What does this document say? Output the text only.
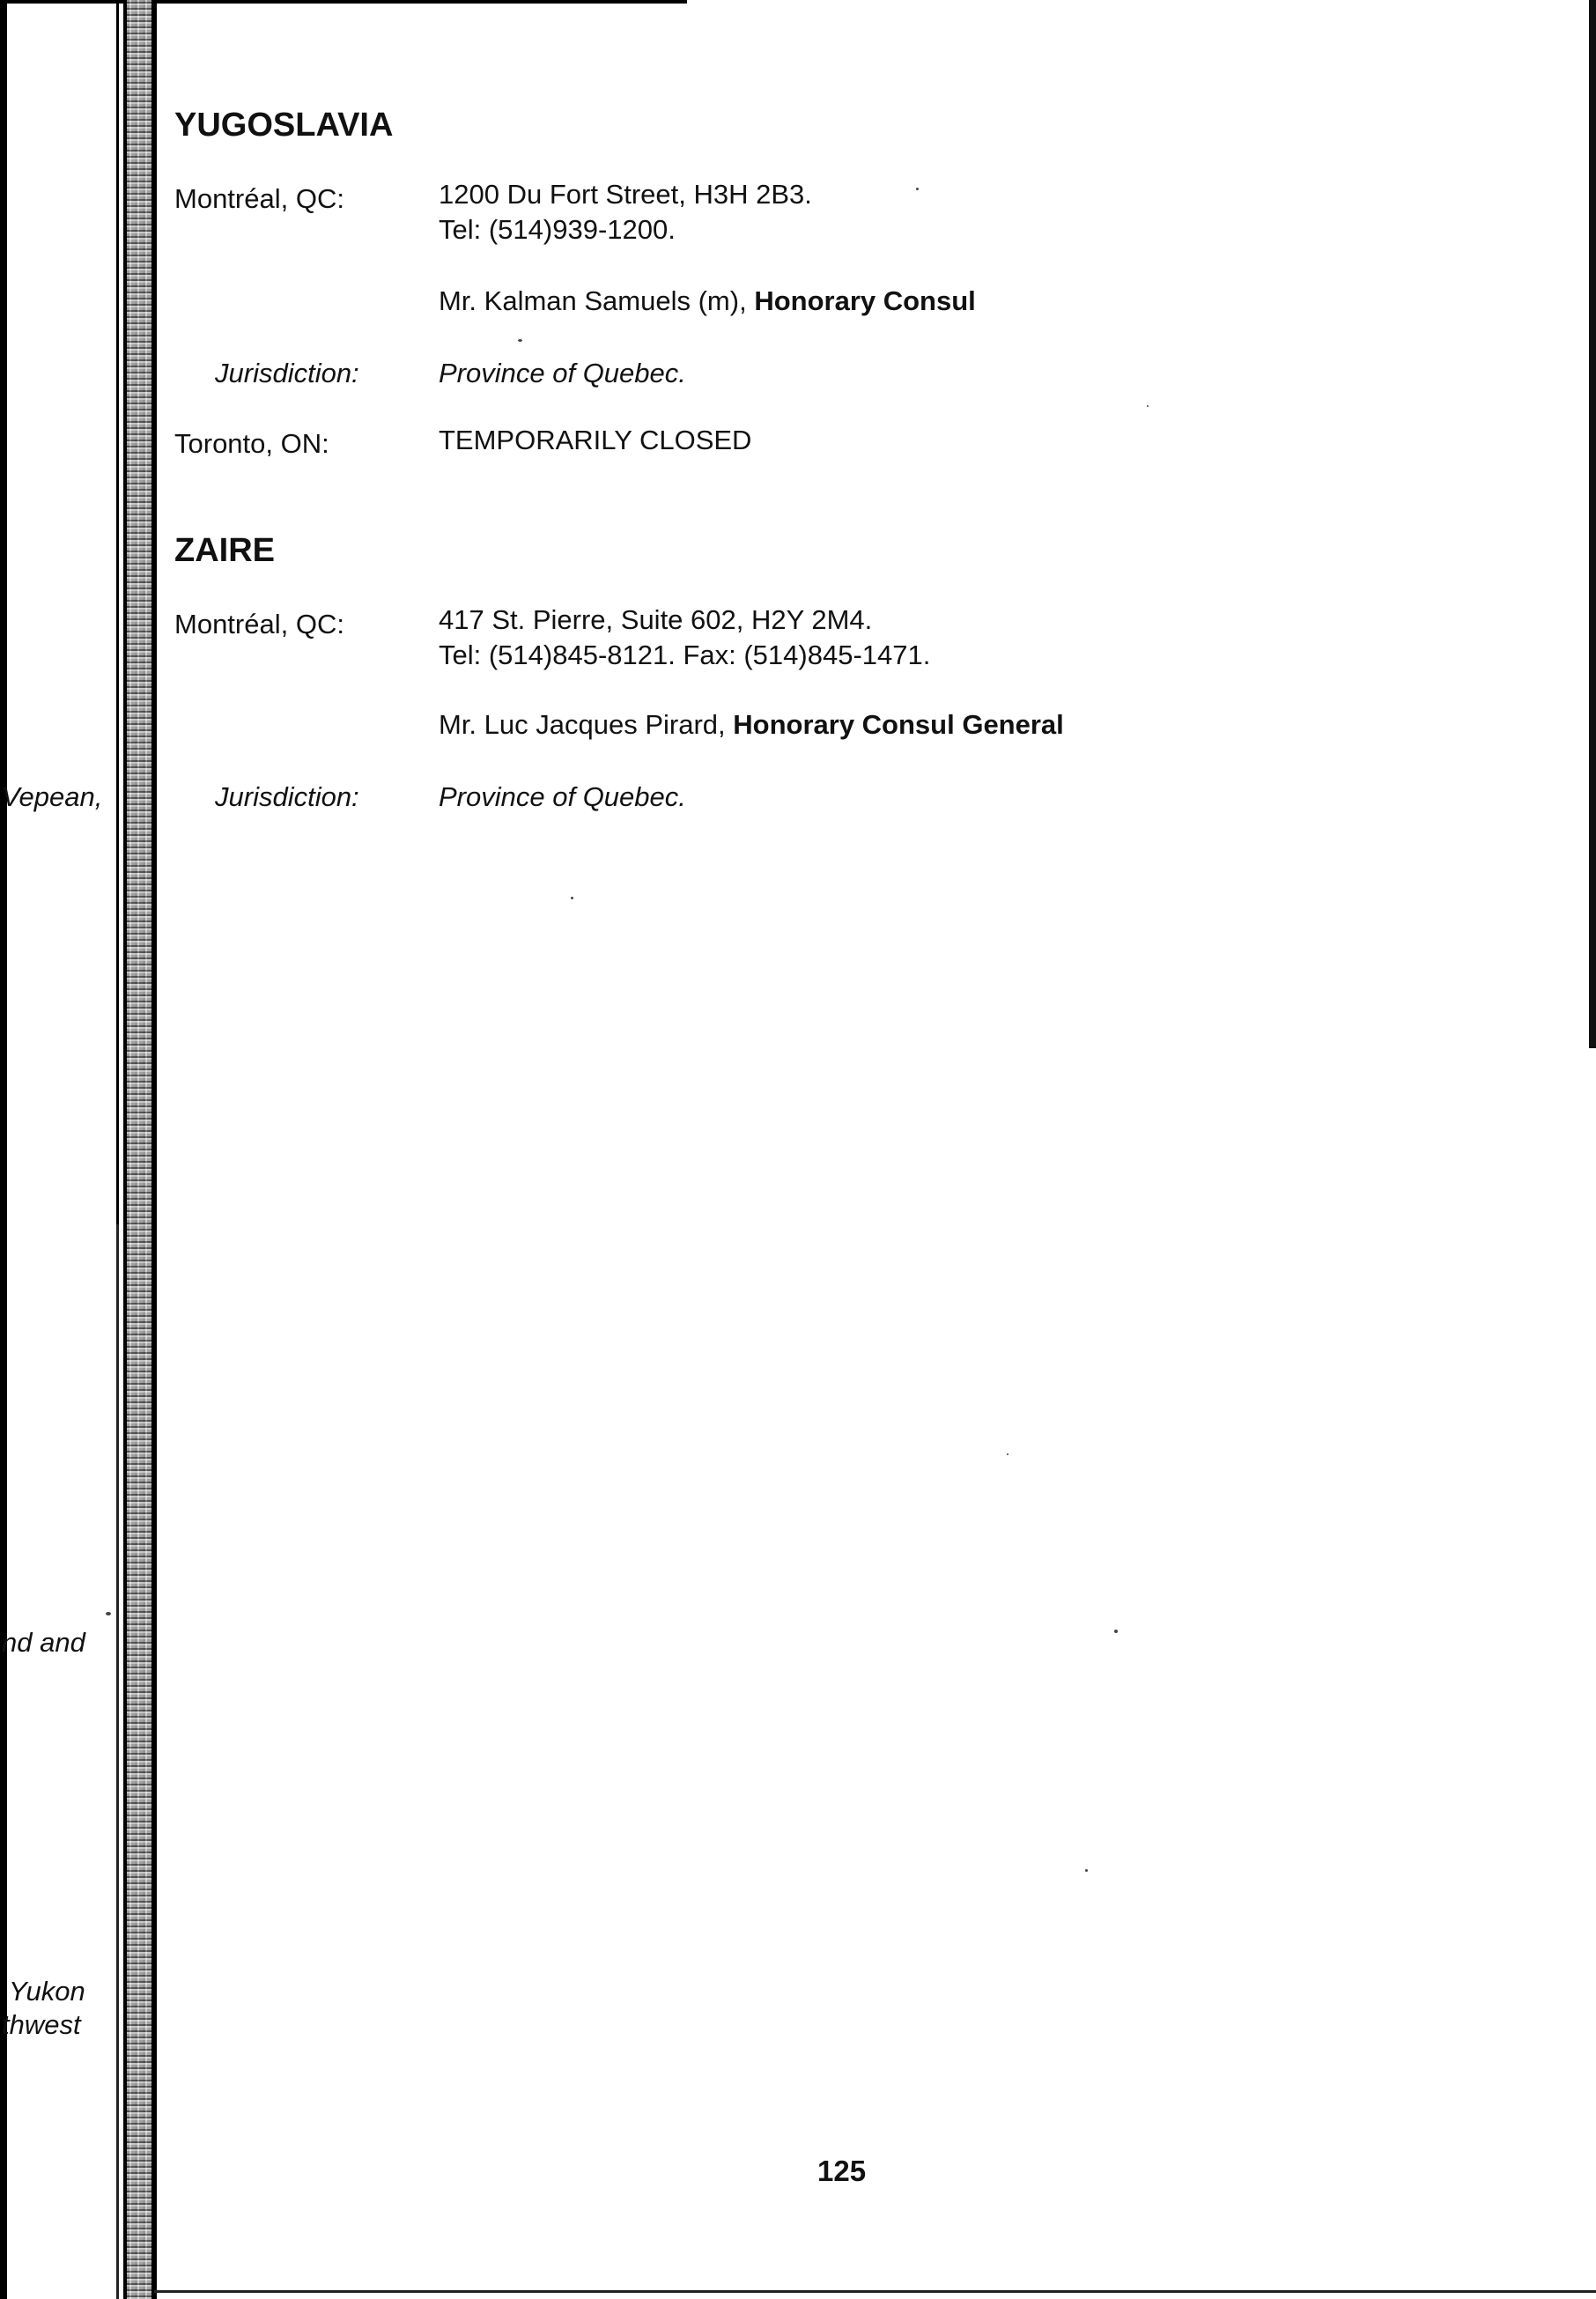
Vepean,
nd and
Yukon
thwest
YUGOSLAVIA
Montréal, QC:	1200 Du Fort Street, H3H 2B3.
Tel: (514)939-1200.
Mr. Kalman Samuels (m), Honorary Consul
Jurisdiction:	Province of Quebec.
Toronto, ON:	TEMPORARILY CLOSED
ZAIRE
Montréal, QC:	417 St. Pierre, Suite 602, H2Y 2M4.
Tel: (514)845-8121. Fax: (514)845-1471.
Mr. Luc Jacques Pirard, Honorary Consul General
Jurisdiction:	Province of Quebec.
125
